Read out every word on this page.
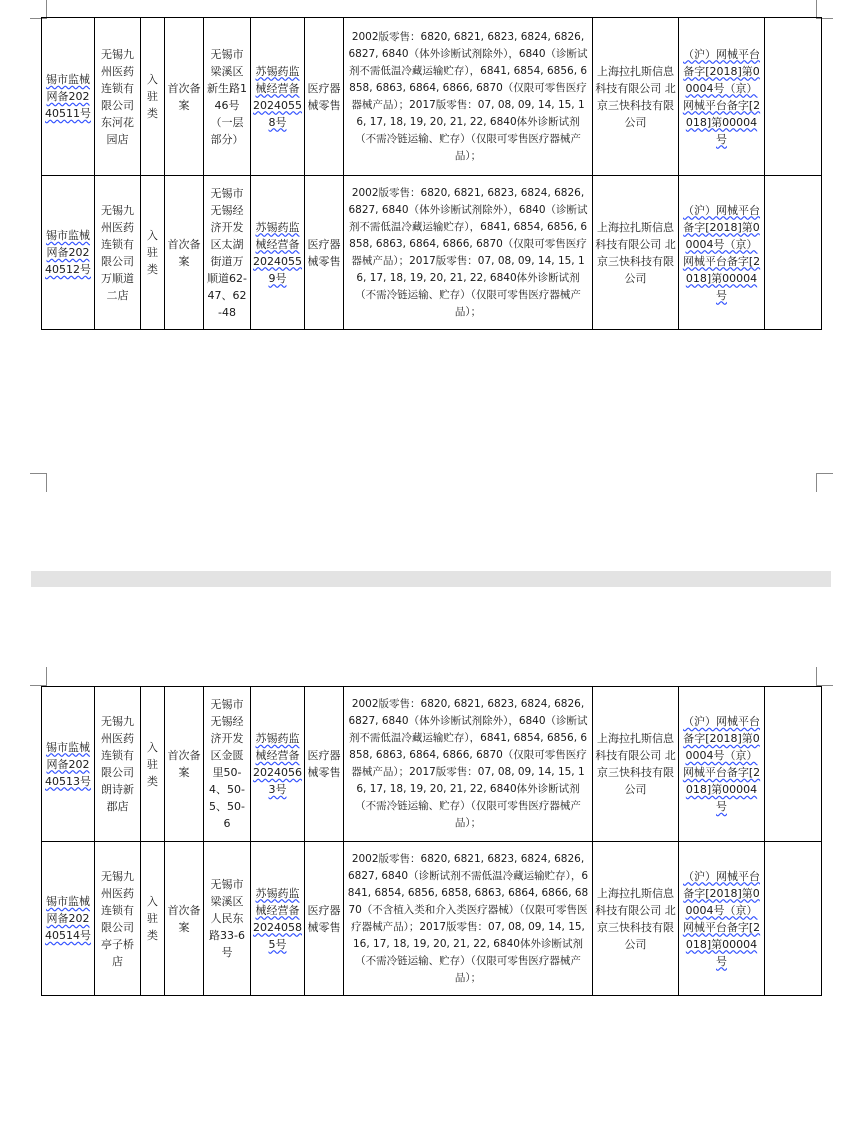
锡市监械网备20240511号	无锡九州医药连锁有限公司东河花园店	入驻类	首次备案	无锡市梁溪区新生路146号（一层部分）	苏锡药监械经营备20240558号	医疗器械零售	2002版零售：6820, 6821, 6823, 6824, 6826, 6827, 6840（体外诊断试剂除外），6840（诊断试剂不需低温冷藏运输贮存），6841, 6854, 6856, 6858, 6863, 6864, 6866, 6870（仅限可零售医疗器械产品）；2017版零售：07, 08, 09, 14, 15, 16, 17, 18, 19, 20, 21, 22, 6840体外诊断试剂（不需冷链运输、贮存）（仅限可零售医疗器械产品）；	上海拉扎斯信息科技有限公司 北京三快科技有限公司	（沪）网械平台备字[2018]第00004号（京）网械平台备字[2018]第00004号	
锡市监械网备20240512号	无锡九州医药连锁有限公司万顺道二店	入驻类	首次备案	无锡市无锡经济开发区太湖街道万顺道62-47、62-48	苏锡药监械经营备20240559号	医疗器械零售	2002版零售：6820, 6821, 6823, 6824, 6826, 6827, 6840（体外诊断试剂除外），6840（诊断试剂不需低温冷藏运输贮存），6841, 6854, 6856, 6858, 6863, 6864, 6866, 6870（仅限可零售医疗器械产品）；2017版零售：07, 08, 09, 14, 15, 16, 17, 18, 19, 20, 21, 22, 6840体外诊断试剂（不需冷链运输、贮存）（仅限可零售医疗器械产品）；	上海拉扎斯信息科技有限公司 北京三快科技有限公司	（沪）网械平台备字[2018]第00004号（京）网械平台备字[2018]第00004号	
锡市监械网备20240513号	无锡九州医药连锁有限公司朗诗新郡店	入驻类	首次备案	无锡市无锡经济开发区金匮里50-4、50-5、50-6	苏锡药监械经营备20240563号	医疗器械零售	2002版零售：6820, 6821, 6823, 6824, 6826, 6827, 6840（体外诊断试剂除外），6840（诊断试剂不需低温冷藏运输贮存），6841, 6854, 6856, 6858, 6863, 6864, 6866, 6870（仅限可零售医疗器械产品）；2017版零售：07, 08, 09, 14, 15, 16, 17, 18, 19, 20, 21, 22, 6840体外诊断试剂（不需冷链运输、贮存）（仅限可零售医疗器械产品）；	上海拉扎斯信息科技有限公司 北京三快科技有限公司	（沪）网械平台备字[2018]第00004号（京）网械平台备字[2018]第00004号	
锡市监械网备20240514号	无锡九州医药连锁有限公司亭子桥店	入驻类	首次备案	无锡市梁溪区人民东路33-6号	苏锡药监械经营备20240585号	医疗器械零售	2002版零售：6820, 6821, 6823, 6824, 6826, 6827, 6840（诊断试剂不需低温冷藏运输贮存），6841, 6854, 6856, 6858, 6863, 6864, 6866, 6870（不含植入类和介入类医疗器械）（仅限可零售医疗器械产品）；2017版零售：07, 08, 09, 14, 15, 16, 17, 18, 19, 20, 21, 22, 6840体外诊断试剂（不需冷链运输、贮存）（仅限可零售医疗器械产品）；	上海拉扎斯信息科技有限公司 北京三快科技有限公司	（沪）网械平台备字[2018]第00004号（京）网械平台备字[2018]第00004号	
